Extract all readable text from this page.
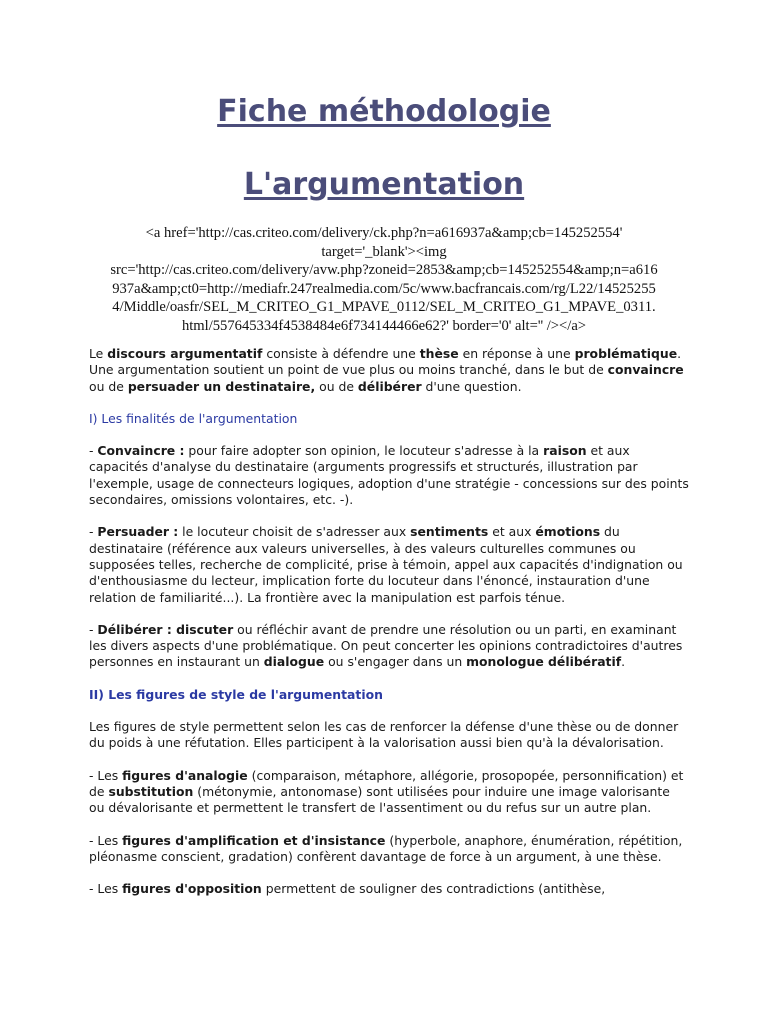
Fiche méthodologie
L'argumentation
<a href='http://cas.criteo.com/delivery/ck.php?n=a616937a&amp;cb=145252554'
target='_blank'><img
src='http://cas.criteo.com/delivery/avw.php?zoneid=2853&amp;cb=145252554&amp;n=a616
937a&amp;ct0=http://mediafr.247realmedia.com/5c/www.bacfrancais.com/rg/L22/14525255
4/Middle/oasfr/SEL_M_CRITEO_G1_MPAVE_0112/SEL_M_CRITEO_G1_MPAVE_0311.
html/557645334f4538484e6f734144466e62?' border='0' alt='' /></a>

Le discours argumentatif consiste à défendre une thèse en réponse à une problématique. Une argumentation soutient un point de vue plus ou moins tranché, dans le but de convaincre ou de persuader un destinataire, ou de délibérer d'une question.

I) Les finalités de l'argumentation

- Convaincre : pour faire adopter son opinion, le locuteur s'adresse à la raison et aux capacités d'analyse du destinataire (arguments progressifs et structurés, illustration par l'exemple, usage de connecteurs logiques, adoption d'une stratégie - concessions sur des points secondaires, omissions volontaires, etc. -).

- Persuader : le locuteur choisit de s'adresser aux sentiments et aux émotions du destinataire (référence aux valeurs universelles, à des valeurs culturelles communes ou supposées telles, recherche de complicité, prise à témoin, appel aux capacités d'indignation ou d'enthousiasme du lecteur, implication forte du locuteur dans l'énoncé, instauration d'une relation de familiarité...). La frontière avec la manipulation est parfois ténue.

- Délibérer : discuter ou réfléchir avant de prendre une résolution ou un parti, en examinant les divers aspects d'une problématique. On peut concerter les opinions contradictoires d'autres personnes en instaurant un dialogue ou s'engager dans un monologue délibératif.

II) Les figures de style de l'argumentation

Les figures de style permettent selon les cas de renforcer la défense d'une thèse ou de donner du poids à une réfutation. Elles participent à la valorisation aussi bien qu'à la dévalorisation.

- Les figures d'analogie (comparaison, métaphore, allégorie, prosopopée, personnification) et de substitution (métonymie, antonomase) sont utilisées pour induire une image valorisante ou dévalorisante et permettent le transfert de l'assentiment ou du refus sur un autre plan.

- Les figures d'amplification et d'insistance (hyperbole, anaphore, énumération, répétition, pléonasme conscient, gradation) confèrent davantage de force à un argument, à une thèse.

- Les figures d'opposition permettent de souligner des contradictions (antithèse,
